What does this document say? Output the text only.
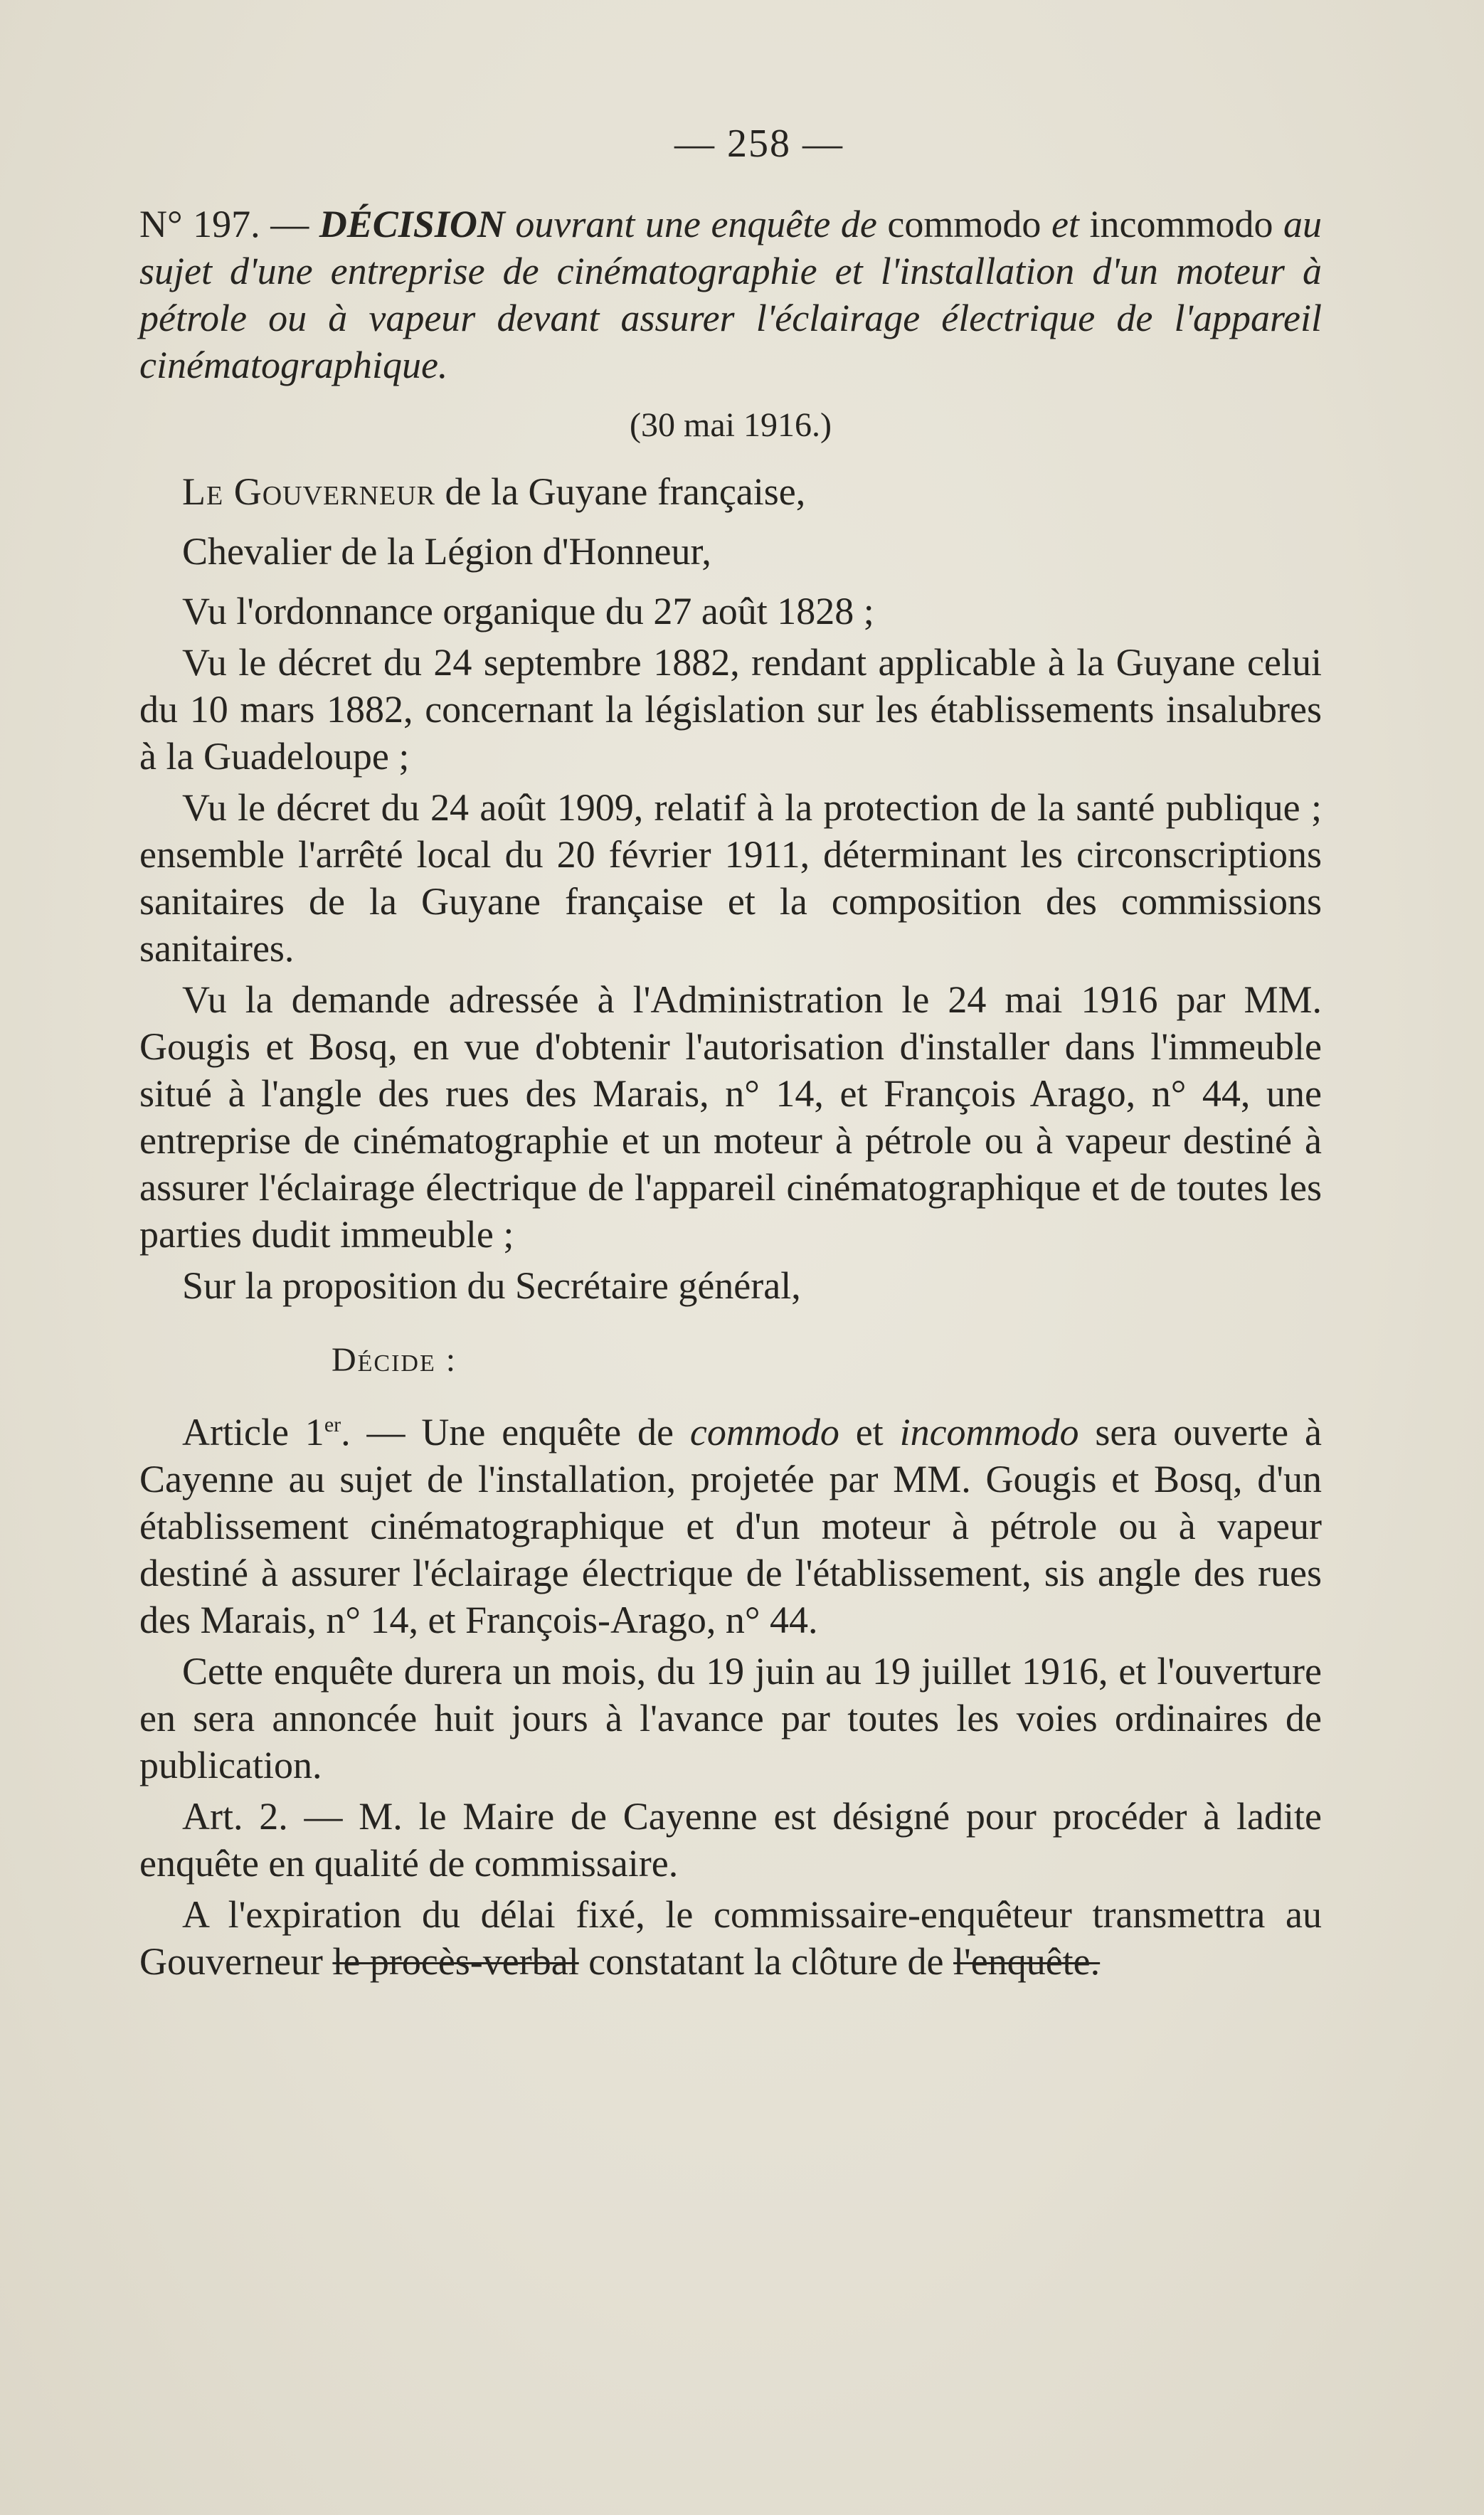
— 258 —

N° 197. — DÉCISION ouvrant une enquête de commodo et incommodo au sujet d'une entreprise de cinématographie et l'installation d'un moteur à pétrole ou à vapeur devant assurer l'éclairage électrique de l'appareil cinématographique.

(30 mai 1916.)

Le Gouverneur de la Guyane française,

Chevalier de la Légion d'Honneur,

Vu l'ordonnance organique du 27 août 1828 ;

Vu le décret du 24 septembre 1882, rendant applicable à la Guyane celui du 10 mars 1882, concernant la législation sur les établissements insalubres à la Guadeloupe ;

Vu le décret du 24 août 1909, relatif à la protection de la santé publique ; ensemble l'arrêté local du 20 février 1911, déterminant les circonscriptions sanitaires de la Guyane française et la composition des commissions sanitaires.

Vu la demande adressée à l'Administration le 24 mai 1916 par MM. Gougis et Bosq, en vue d'obtenir l'autorisation d'installer dans l'immeuble situé à l'angle des rues des Marais, n° 14, et François Arago, n° 44, une entreprise de cinématographie et un moteur à pétrole ou à vapeur destiné à assurer l'éclairage électrique de l'appareil cinématographique et de toutes les parties dudit immeuble ;

Sur la proposition du Secrétaire général,

Décide :

Article 1er. — Une enquête de commodo et incommodo sera ouverte à Cayenne au sujet de l'installation, projetée par MM. Gougis et Bosq, d'un établissement cinématographique et d'un moteur à pétrole ou à vapeur destiné à assurer l'éclairage électrique de l'établissement, sis angle des rues des Marais, n° 14, et François-Arago, n° 44.

Cette enquête durera un mois, du 19 juin au 19 juillet 1916, et l'ouverture en sera annoncée huit jours à l'avance par toutes les voies ordinaires de publication.

Art. 2. — M. le Maire de Cayenne est désigné pour procéder à ladite enquête en qualité de commissaire.

A l'expiration du délai fixé, le commissaire-enquêteur transmettra au Gouverneur le procès-verbal constatant la clôture de l'enquête.
